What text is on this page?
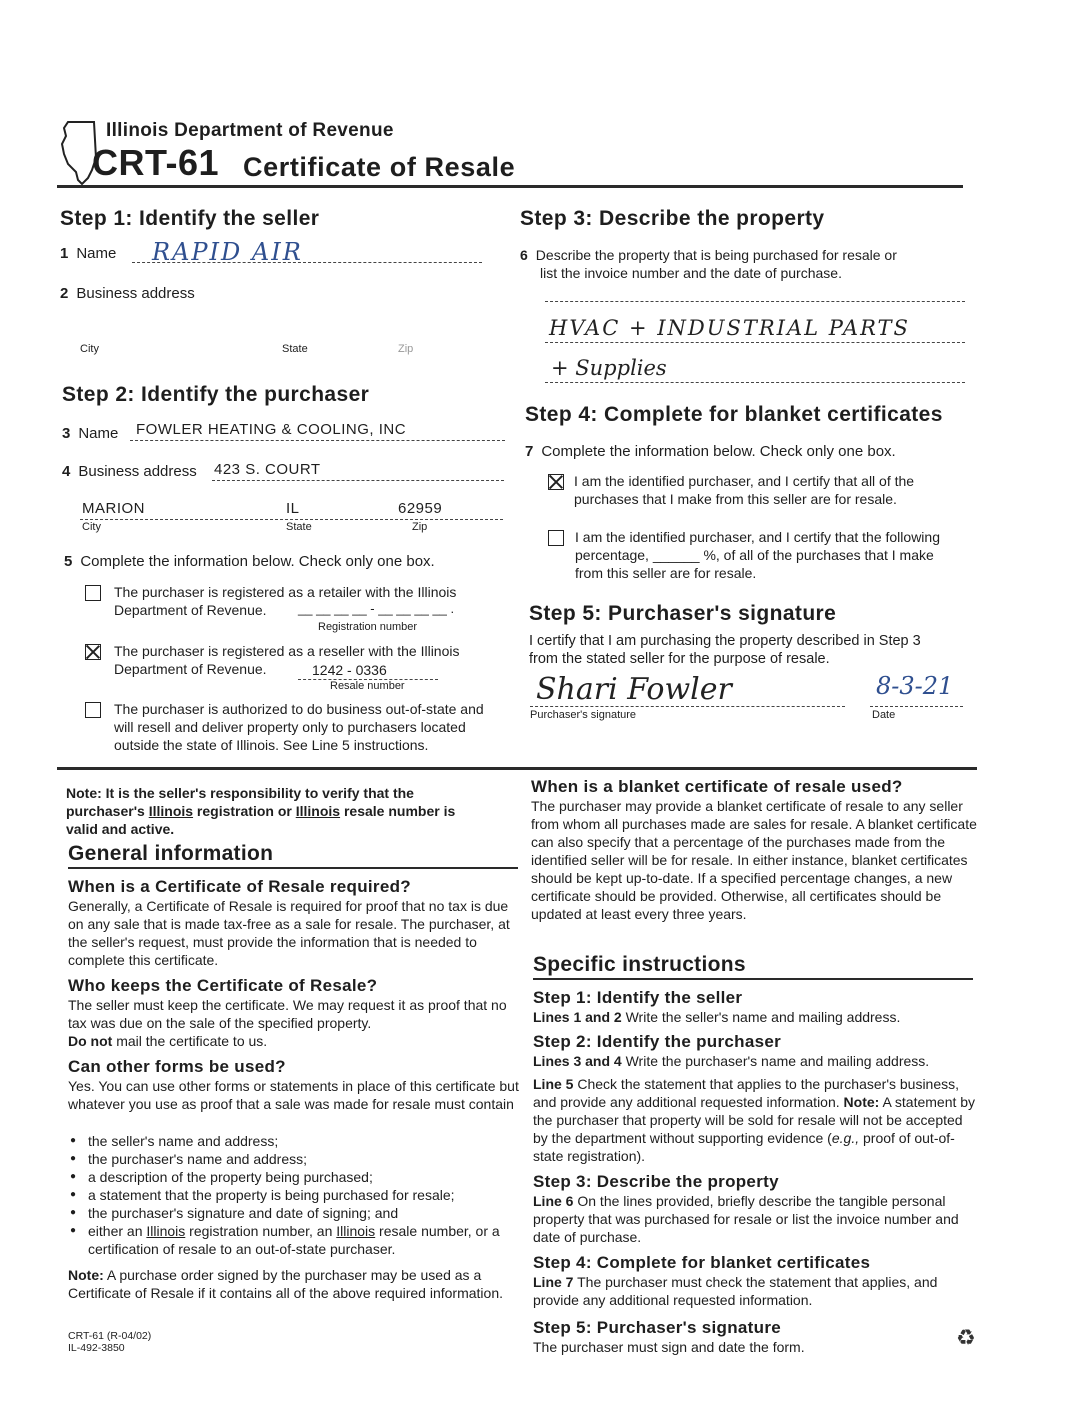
Illinois Department of Revenue
CRT-61 Certificate of Resale
Step 1: Identify the seller
1 Name	RAPID AIR
2 Business address
City	State	Zip
Step 2: Identify the purchaser
3 Name	FOWLER HEATING & COOLING, INC
4 Business address 423 S. COURT
MARION	IL	62959
City	State	Zip
5 Complete the information below. Check only one box.
The purchaser is registered as a retailer with the Illinois
Department of Revenue.	__ __ __ __ - __ __ __ __ .
Registration number
The purchaser is registered as a reseller with the Illinois
Department of Revenue.	1242 - 0336
Resale number
The purchaser is authorized to do business out-of-state and
will resell and deliver property only to purchasers located
outside the state of Illinois. See Line 5 instructions.
Step 3: Describe the property
6 Describe the property that is being purchased for resale or
list the invoice number and the date of purchase.
HVAC + INDUSTRIAL PARTS
+ Supplies
Step 4: Complete for blanket certificates
7 Complete the information below. Check only one box.
I am the identified purchaser, and I certify that all of the
purchases that I make from this seller are for resale.
I am the identified purchaser, and I certify that the following
percentage, ______ %, of all of the purchases that I make
from this seller are for resale.
Step 5: Purchaser's signature
I certify that I am purchasing the property described in Step 3
from the stated seller for the purpose of resale.
Shari Fowler
Purchaser's signature
8-3-21
Date
Note: It is the seller's responsibility to verify that the
purchaser's Illinois registration or Illinois resale number is
valid and active.
General information
When is a Certificate of Resale required?
Generally, a Certificate of Resale is required for proof that no tax is due on any sale that is made tax-free as a sale for resale. The purchaser, at the seller's request, must provide the information that is needed to complete this certificate.
Who keeps the Certificate of Resale?
The seller must keep the certificate. We may request it as proof that no tax was due on the sale of the specified property.
Do not mail the certificate to us.
Can other forms be used?
Yes. You can use other forms or statements in place of this certificate but whatever you use as proof that a sale was made for resale must contain
● the seller's name and address;
● the purchaser's name and address;
● a description of the property being purchased;
● a statement that the property is being purchased for resale;
● the purchaser's signature and date of signing; and
● either an Illinois registration number, an Illinois resale number, or a certification of resale to an out-of-state purchaser.
Note: A purchase order signed by the purchaser may be used as a Certificate of Resale if it contains all of the above required information.
CRT-61 (R-04/02)
IL-492-3850
When is a blanket certificate of resale used?
The purchaser may provide a blanket certificate of resale to any seller from whom all purchases made are sales for resale. A blanket certificate can also specify that a percentage of the purchases made from the identified seller will be for resale. In either instance, blanket certificates should be kept up-to-date. If a specified percentage changes, a new certificate should be provided. Otherwise, all certificates should be updated at least every three years.
Specific instructions
Step 1: Identify the seller
Lines 1 and 2 Write the seller's name and mailing address.
Step 2: Identify the purchaser
Lines 3 and 4 Write the purchaser's name and mailing address.
Line 5 Check the statement that applies to the purchaser's business, and provide any additional requested information. Note: A statement by the purchaser that property will be sold for resale will not be accepted by the department without supporting evidence (e.g., proof of out-of-state registration).
Step 3: Describe the property
Line 6 On the lines provided, briefly describe the tangible personal property that was purchased for resale or list the invoice number and date of purchase.
Step 4: Complete for blanket certificates
Line 7 The purchaser must check the statement that applies, and provide any additional requested information.
Step 5: Purchaser's signature
The purchaser must sign and date the form.	♻
